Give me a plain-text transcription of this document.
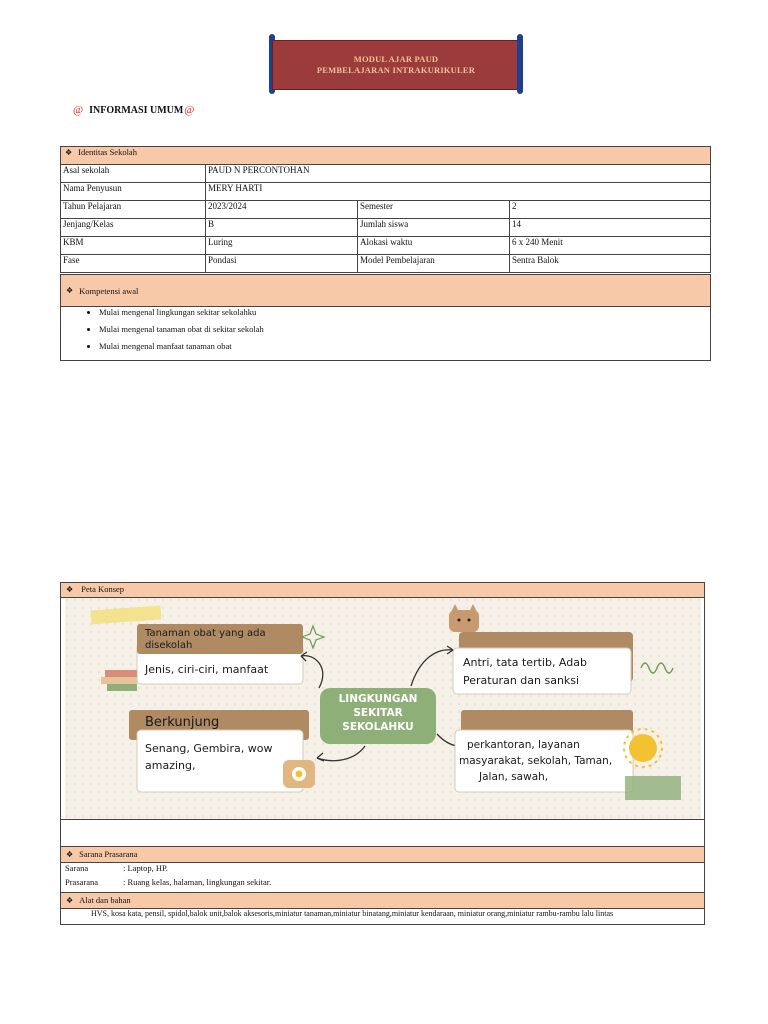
MODUL AJAR PAUD
PEMBELAJARAN INTRAKURIKULER
@ INFORMASI UMUM @
❖ Identitas Sekolah			
Asal sekolah	PAUD N PERCONTOHAN		
Nama Penyusun	MERY HARTI		
Tahun Pelajaran	2023/2024	Semester	2
Jenjang/Kelas	B	Jumlah siswa	14
KBM	Luring	Alokasi waktu	6 x 240 Menit
Fase	Pondasi	Model Pembelajaran	Sentra Balok
❖ Kompetensi awal
• Mulai mengenal lingkungan sekitar sekolahku
• Mulai mengenal tanaman obat di sekitar sekolah
• Mulai mengenal manfaat tanaman obat
❖ Peta Konsep
Tanaman obat yang ada
disekolah
Jenis, ciri-ciri, manfaat
Antri, tata tertib, Adab
Peraturan dan sanksi
LINGKUNGAN
SEKITAR
SEKOLAHKU
Berkunjung
Senang, Gembira, wow
amazing,
perkantoran, layanan
masyarakat, sekolah, Taman,
Jalan, sawah,
❖ Sarana Prasarana
Sarana	: Laptop, HP.
Prasarana	: Ruang kelas, halaman, lingkungan sekitar.
❖ Alat dan bahan
HVS, kosa kata, pensil, spidol,balok unit,balok aksesoris,miniatur tanaman,miniatur binatang,miniatur kendaraan, miniatur orang,miniatur rambu-rambu lalu lintas
